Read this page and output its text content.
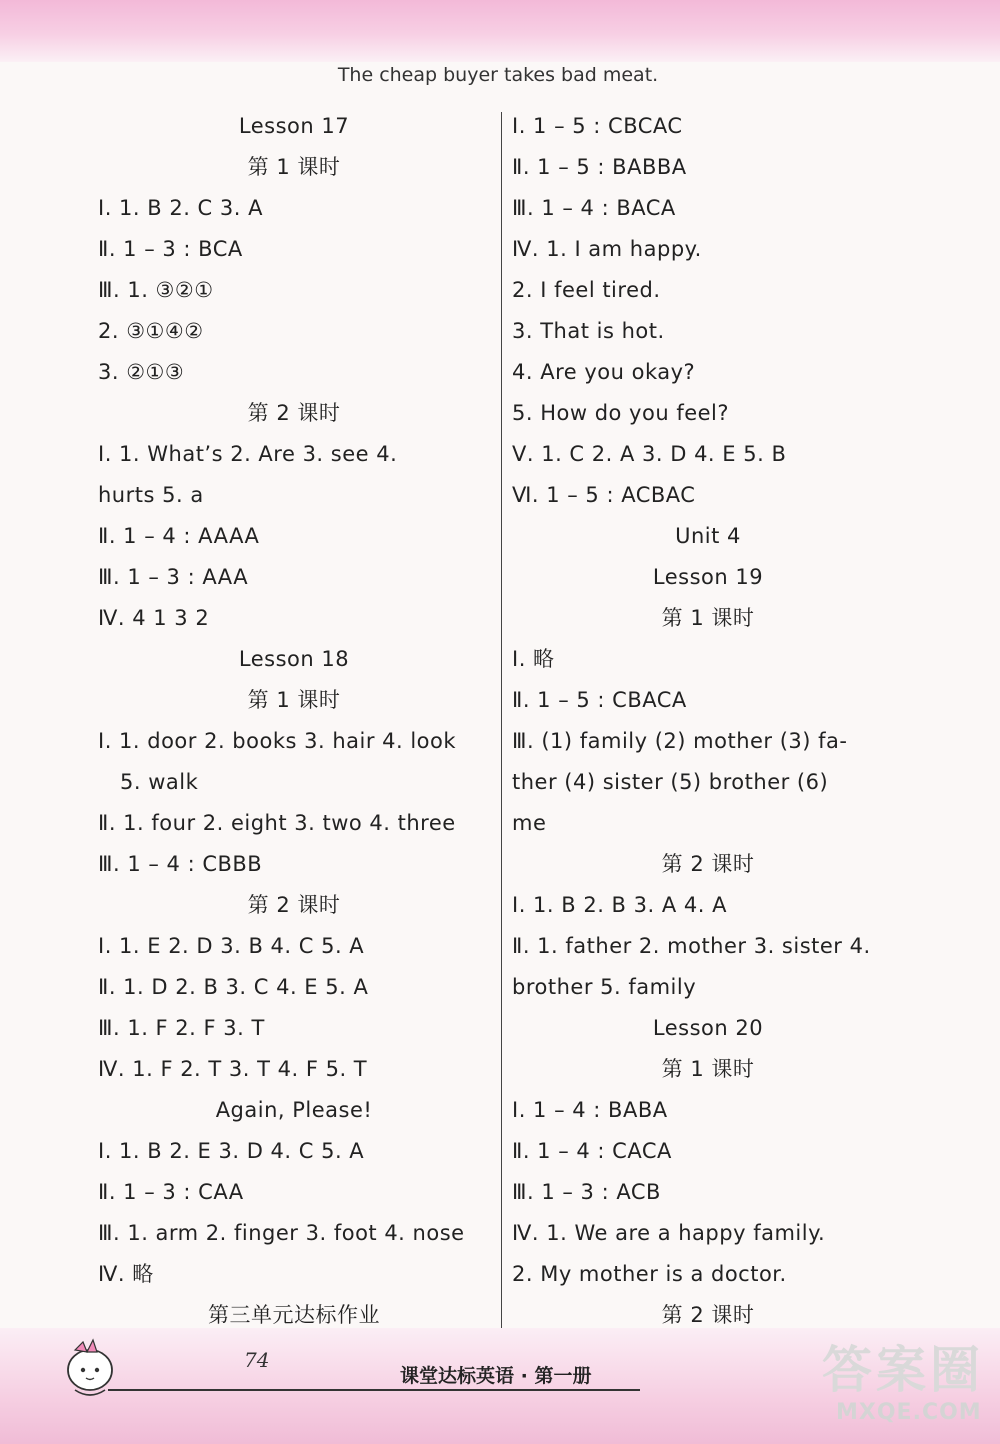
The cheap buyer takes bad meat.
Lesson 17
第 1 课时
Ⅰ. 1. B 2. C 3. A
Ⅱ. 1 – 3 : BCA
Ⅲ. 1. ③②①
2. ③①④②
3. ②①③
第 2 课时
Ⅰ. 1. What’s 2. Are 3. see 4.
hurts 5. a
Ⅱ. 1 – 4 : AAAA
Ⅲ. 1 – 3 : AAA
Ⅳ. 4 1 3 2
Lesson 18
第 1 课时
Ⅰ. 1. door 2. books 3. hair 4. look
5. walk
Ⅱ. 1. four 2. eight 3. two 4. three
Ⅲ. 1 – 4 : CBBB
第 2 课时
Ⅰ. 1. E 2. D 3. B 4. C 5. A
Ⅱ. 1. D 2. B 3. C 4. E 5. A
Ⅲ. 1. F 2. F 3. T
Ⅳ. 1. F 2. T 3. T 4. F 5. T
Again, Please!
Ⅰ. 1. B 2. E 3. D 4. C 5. A
Ⅱ. 1 – 3 : CAA
Ⅲ. 1. arm 2. finger 3. foot 4. nose
Ⅳ. 略
第三单元达标作业
Ⅰ. 1 – 5 : CBCAC
Ⅱ. 1 – 5 : BABBA
Ⅲ. 1 – 4 : BACA
Ⅳ. 1. I am happy.
2. I feel tired.
3. That is hot.
4. Are you okay?
5. How do you feel?
Ⅴ. 1. C 2. A 3. D 4. E 5. B
Ⅵ. 1 – 5 : ACBAC
Unit 4
Lesson 19
第 1 课时
Ⅰ. 略
Ⅱ. 1 – 5 : CBACA
Ⅲ. (1) family (2) mother (3) fa-
ther (4) sister (5) brother (6)
me
第 2 课时
Ⅰ. 1. B 2. B 3. A 4. A
Ⅱ. 1. father 2. mother 3. sister 4.
brother 5. family
Lesson 20
第 1 课时
Ⅰ. 1 – 4 : BABA
Ⅱ. 1 – 4 : CACA
Ⅲ. 1 – 3 : ACB
Ⅳ. 1. We are a happy family.
2. My mother is a doctor.
第 2 课时
74
课堂达标英语 · 第一册	答案圈
MXQE.COM
